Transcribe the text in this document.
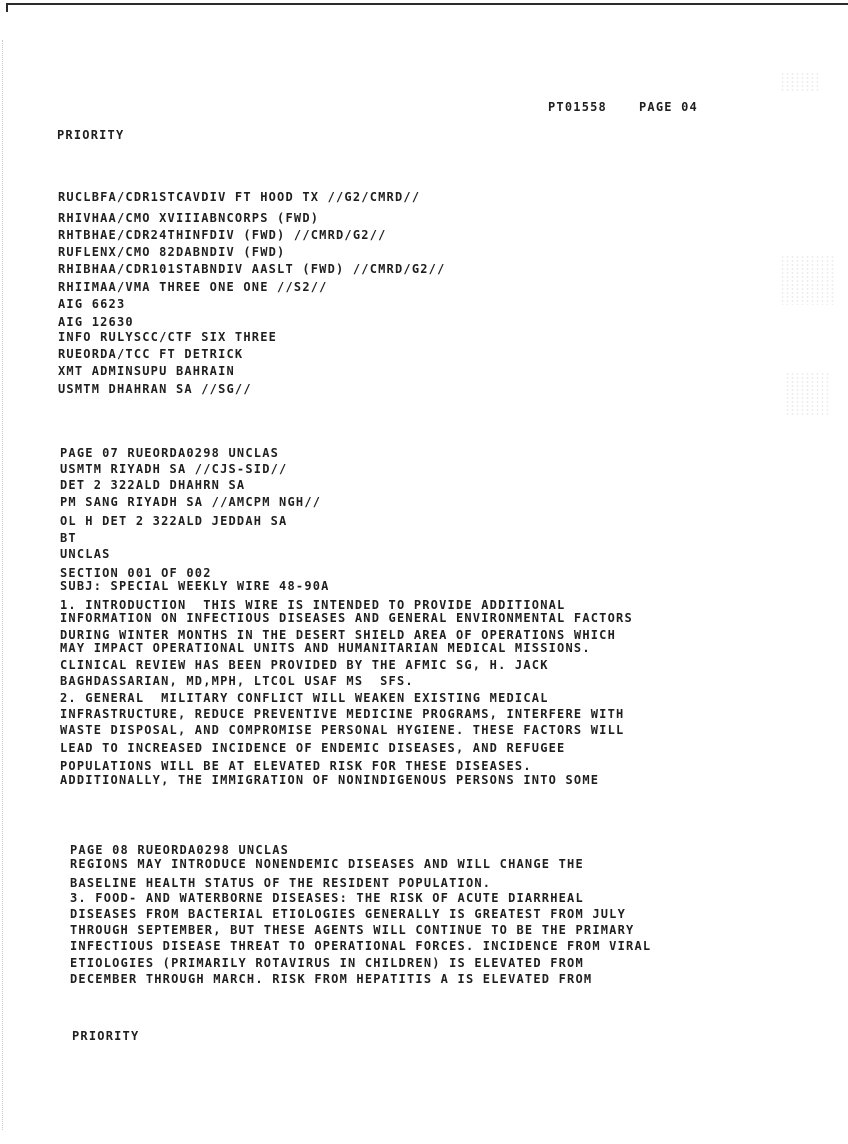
PT01558	PAGE 04
PRIORITY
RUCLBFA/CDR1STCAVDIV FT HOOD TX //G2/CMRD//
RHIVHAA/CMO XVIIIABNCORPS (FWD)
RHTBHAE/CDR24THINFDIV (FWD) //CMRD/G2//
RUFLENX/CMO 82DABNDIV (FWD)
RHIBHAA/CDR101STABNDIV AASLT (FWD) //CMRD/G2//
RHIIMAA/VMA THREE ONE ONE //S2//
AIG 6623
AIG 12630
INFO RULYSCC/CTF SIX THREE
RUEORDA/TCC FT DETRICK
XMT ADMINSUPU BAHRAIN
USMTM DHAHRAN SA //SG//
PAGE 07 RUEORDA0298 UNCLAS
USMTM RIYADH SA //CJS-SID//
DET 2 322ALD DHAHRN SA
PM SANG RIYADH SA //AMCPM NGH//
OL H DET 2 322ALD JEDDAH SA
BT
UNCLAS
SECTION 001 OF 002
SUBJ: SPECIAL WEEKLY WIRE 48-90A
1. INTRODUCTION  THIS WIRE IS INTENDED TO PROVIDE ADDITIONAL
INFORMATION ON INFECTIOUS DISEASES AND GENERAL ENVIRONMENTAL FACTORS
DURING WINTER MONTHS IN THE DESERT SHIELD AREA OF OPERATIONS WHICH
MAY IMPACT OPERATIONAL UNITS AND HUMANITARIAN MEDICAL MISSIONS.
CLINICAL REVIEW HAS BEEN PROVIDED BY THE AFMIC SG, H. JACK
BAGHDASSARIAN, MD,MPH, LTCOL USAF MS  SFS.
2. GENERAL  MILITARY CONFLICT WILL WEAKEN EXISTING MEDICAL
INFRASTRUCTURE, REDUCE PREVENTIVE MEDICINE PROGRAMS, INTERFERE WITH
WASTE DISPOSAL, AND COMPROMISE PERSONAL HYGIENE. THESE FACTORS WILL
LEAD TO INCREASED INCIDENCE OF ENDEMIC DISEASES, AND REFUGEE
POPULATIONS WILL BE AT ELEVATED RISK FOR THESE DISEASES.
ADDITIONALLY, THE IMMIGRATION OF NONINDIGENOUS PERSONS INTO SOME
PAGE 08 RUEORDA0298 UNCLAS
REGIONS MAY INTRODUCE NONENDEMIC DISEASES AND WILL CHANGE THE
BASELINE HEALTH STATUS OF THE RESIDENT POPULATION.
3. FOOD- AND WATERBORNE DISEASES: THE RISK OF ACUTE DIARRHEAL
DISEASES FROM BACTERIAL ETIOLOGIES GENERALLY IS GREATEST FROM JULY
THROUGH SEPTEMBER, BUT THESE AGENTS WILL CONTINUE TO BE THE PRIMARY
INFECTIOUS DISEASE THREAT TO OPERATIONAL FORCES. INCIDENCE FROM VIRAL
ETIOLOGIES (PRIMARILY ROTAVIRUS IN CHILDREN) IS ELEVATED FROM
DECEMBER THROUGH MARCH. RISK FROM HEPATITIS A IS ELEVATED FROM
PRIORITY
